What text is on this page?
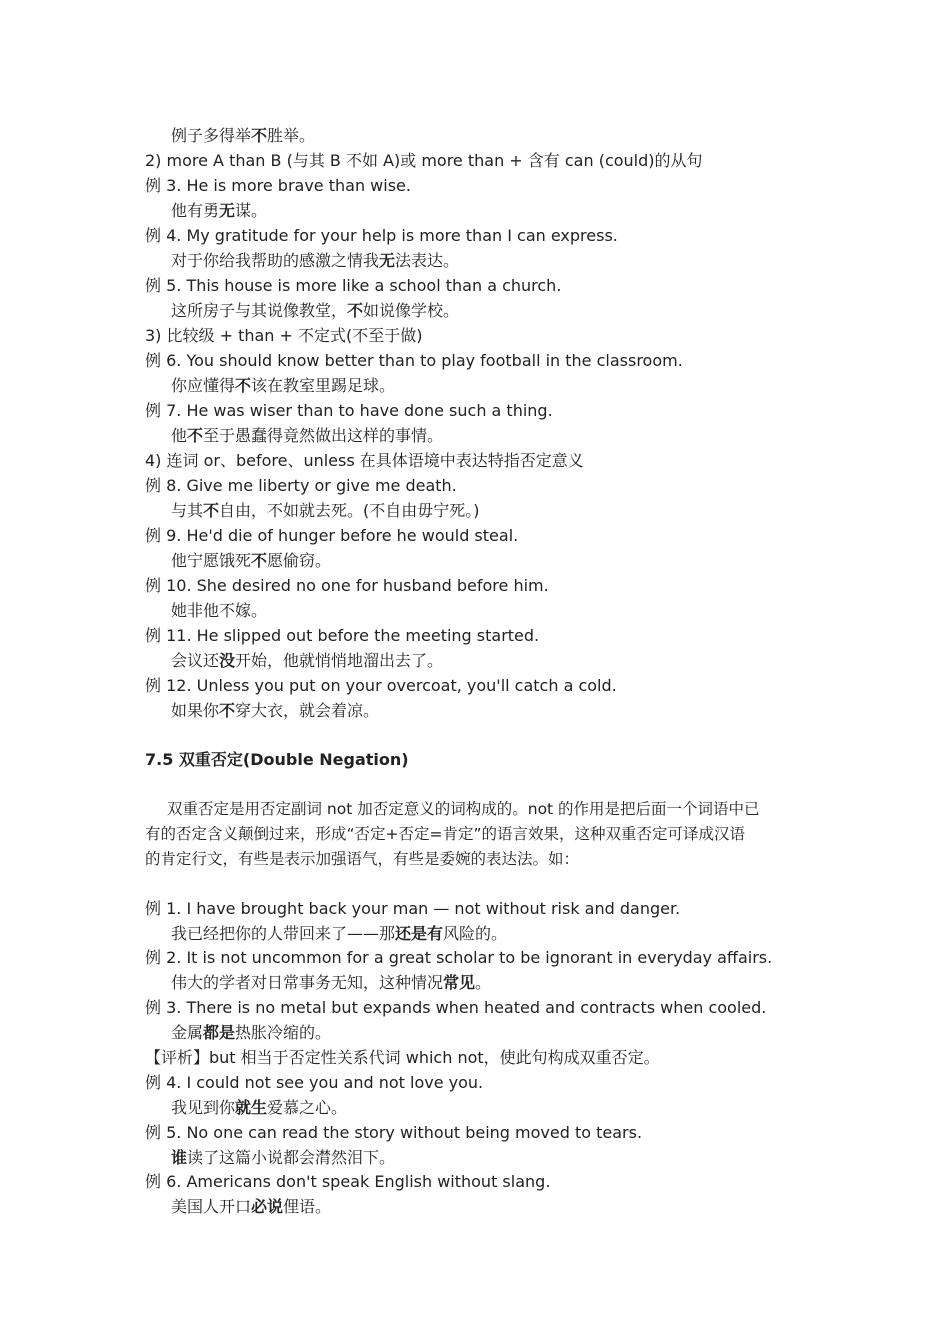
例子多得举不胜举。
2) more A than B (与其 B 不如 A)或 more than + 含有 can (could)的从句
例 3. He is more brave than wise.
他有勇无谋。
例 4. My gratitude for your help is more than I can express.
对于你给我帮助的感激之情我无法表达。
例 5. This house is more like a school than a church.
这所房子与其说像教堂，不如说像学校。
3) 比较级 + than + 不定式(不至于做)
例 6. You should know better than to play football in the classroom.
你应懂得不该在教室里踢足球。
例 7. He was wiser than to have done such a thing.
他不至于愚蠢得竟然做出这样的事情。
4) 连词 or、before、unless 在具体语境中表达特指否定意义
例 8. Give me liberty or give me death.
与其不自由，不如就去死。(不自由毋宁死。)
例 9. He'd die of hunger before he would steal.
他宁愿饿死不愿偷窃。
例 10. She desired no one for husband before him.
她非他不嫁。
例 11. He slipped out before the meeting started.
会议还没开始，他就悄悄地溜出去了。
例 12. Unless you put on your overcoat, you'll catch a cold.
如果你不穿大衣，就会着凉。
7.5 双重否定(Double Negation)
双重否定是用否定副词 not 加否定意义的词构成的。not 的作用是把后面一个词语中已
有的否定含义颠倒过来，形成“否定+否定=肯定”的语言效果，这种双重否定可译成汉语
的肯定行文，有些是表示加强语气，有些是委婉的表达法。如：
例 1. I have brought back your man — not without risk and danger.
我已经把你的人带回来了——那还是有风险的。
例 2. It is not uncommon for a great scholar to be ignorant in everyday affairs.
伟大的学者对日常事务无知，这种情况常见。
例 3. There is no metal but expands when heated and contracts when cooled.
金属都是热胀冷缩的。
【评析】but 相当于否定性关系代词 which not，使此句构成双重否定。
例 4. I could not see you and not love you.
我见到你就生爱慕之心。
例 5. No one can read the story without being moved to tears.
谁读了这篇小说都会潸然泪下。
例 6. Americans don't speak English without slang.
美国人开口必说俚语。
